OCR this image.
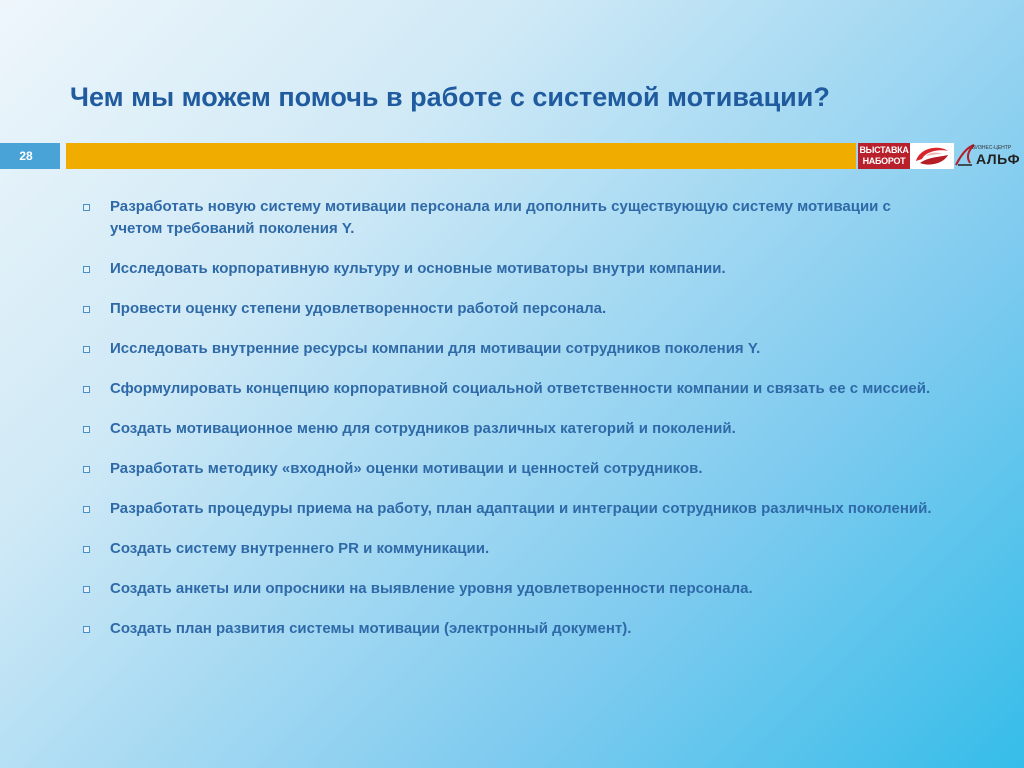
Чем мы можем помочь в работе с системой мотивации?
28	ВЫСТАВКА
НАБОРОТ
БИЗНЕС-ЦЕНТР
АЛЬФ
Разработать новую систему мотивации персонала или дополнить существующую систему мотивации с учетом требований поколения Y.
Исследовать корпоративную культуру и основные мотиваторы внутри компании.
Провести оценку степени удовлетворенности работой персонала.
Исследовать внутренние ресурсы компании для мотивации сотрудников поколения Y.
Сформулировать концепцию корпоративной социальной ответственности компании и связать ее с миссией.
Создать мотивационное меню для сотрудников различных категорий и поколений.
Разработать методику «входной» оценки мотивации и ценностей сотрудников.
Разработать процедуры приема на работу, план адаптации и интеграции сотрудников различных поколений.
Создать систему внутреннего PR и коммуникации.
Создать анкеты или опросники на выявление уровня удовлетворенности персонала.
Создать план развития системы мотивации (электронный документ).
